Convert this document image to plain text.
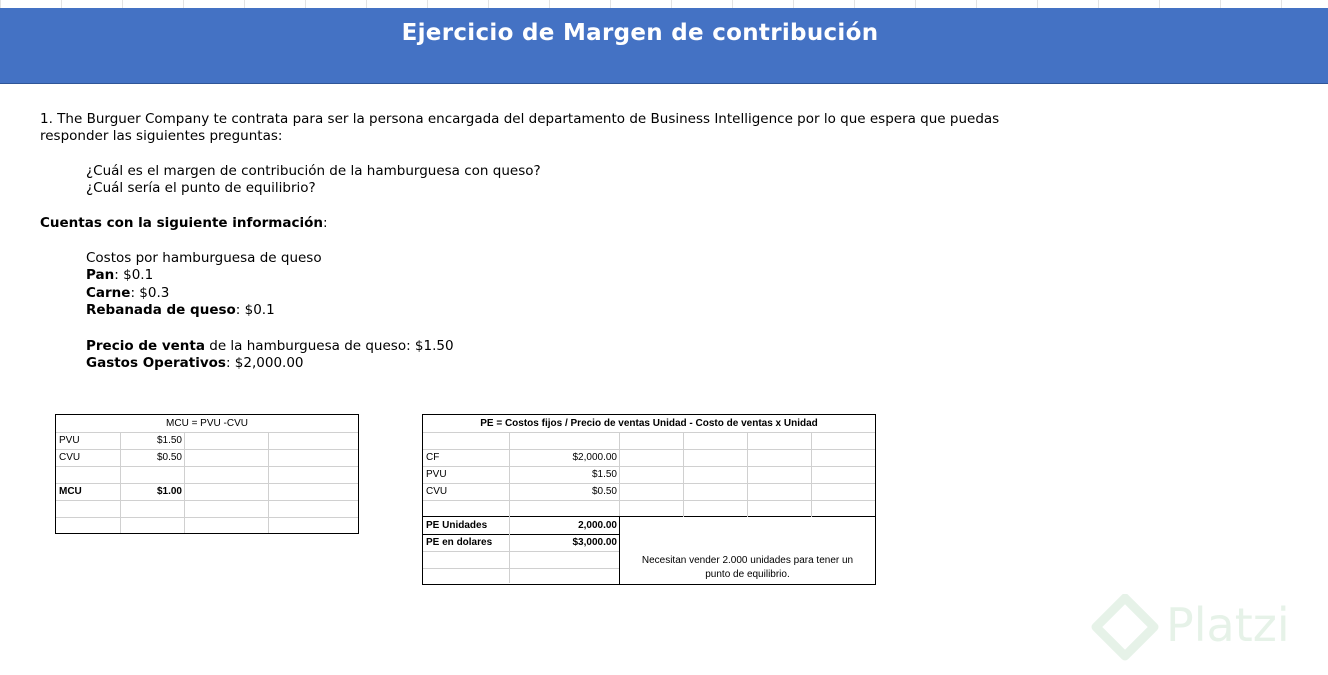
Ejercicio de Margen de contribución
1. The Burguer Company te contrata para ser la persona encargada del departamento de Business Intelligence por lo que espera que puedas
responder las siguientes preguntas:
¿Cuál es el margen de contribución de la hamburguesa con queso?
¿Cuál sería el punto de equilibrio?
Cuentas con la siguiente información:
Costos por hamburguesa de queso
Pan: $0.1
Carne: $0.3
Rebanada de queso: $0.1
Precio de venta de la hamburguesa de queso: $1.50
Gastos Operativos: $2,000.00
MCU = PVU -CVU
PVU	$1.50
CVU	$0.50
MCU	$1.00
PE = Costos fijos / Precio de ventas Unidad - Costo de ventas x Unidad
CF	$2,000.00
PVU	$1.50
CVU	$0.50
PE Unidades	2,000.00
PE en dolares	$3,000.00
Necesitan vender 2.000 unidades para tener un
punto de equilibrio.
Platzi
